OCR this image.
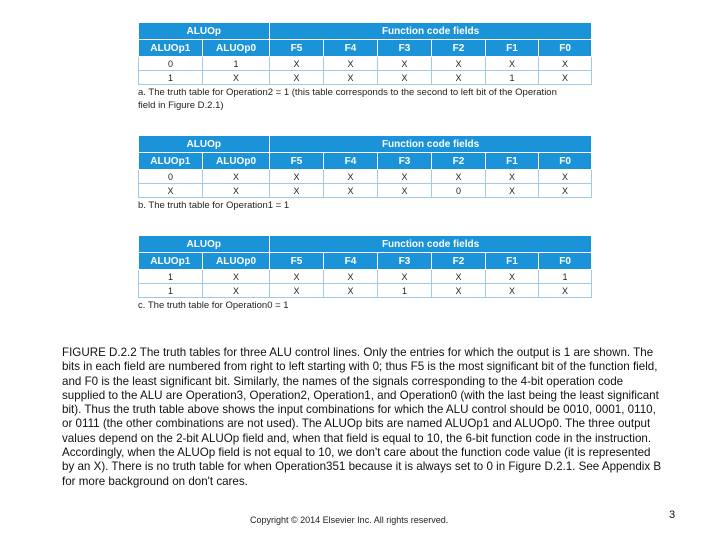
ALUOp		Function code fields					
ALUOp1	ALUOp0	F5	F4	F3	F2	F1	F0
0	1	X	X	X	X	X	X
1	X	X	X	X	X	1	X
a. The truth table for Operation2 = 1 (this table corresponds to the second to left bit of the Operation
field in Figure D.2.1)
ALUOp		Function code fields					
ALUOp1	ALUOp0	F5	F4	F3	F2	F1	F0
0	X	X	X	X	X	X	X
X	X	X	X	X	0	X	X
b. The truth table for Operation1 = 1
ALUOp		Function code fields					
ALUOp1	ALUOp0	F5	F4	F3	F2	F1	F0
1	X	X	X	X	X	X	1
1	X	X	X	1	X	X	X
c. The truth table for Operation0 = 1
FIGURE D.2.2 The truth tables for three ALU control lines. Only the entries for which the output is 1 are shown. The bits in each field are numbered from right to left starting with 0; thus F5 is the most significant bit of the function field, and F0 is the least significant bit. Similarly, the names of the signals corresponding to the 4-bit operation code supplied to the ALU are Operation3, Operation2, Operation1, and Operation0 (with the last being the least significant bit). Thus the truth table above shows the input combinations for which the ALU control should be 0010, 0001, 0110, or 0111 (the other combinations are not used). The ALUOp bits are named ALUOp1 and ALUOp0. The three output values depend on the 2-bit ALUOp field and, when that field is equal to 10, the 6-bit function code in the instruction. Accordingly, when the ALUOp field is not equal to 10, we don't care about the function code value (it is represented by an X). There is no truth table for when Operation351 because it is always set to 0 in Figure D.2.1. See Appendix B for more background on don't cares.
Copyright © 2014 Elsevier Inc. All rights reserved.	3
